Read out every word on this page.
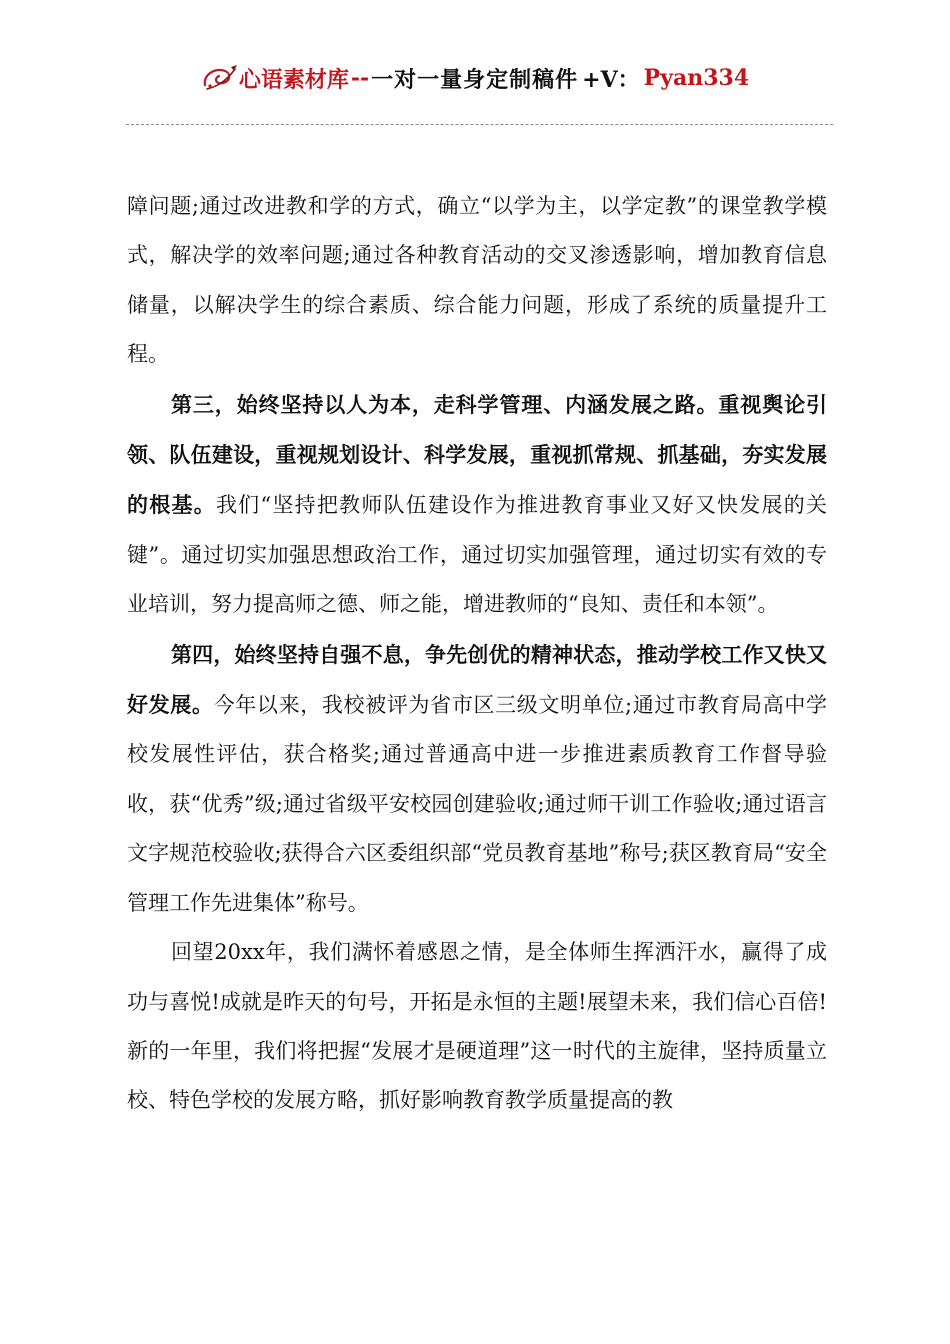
心语素材库 -- 一对一量身定制稿件 +V： Pyan334

障问题;通过改进教和学的方式，确立“以学为主，以学定教”的课堂教学模式，解决学的效率问题;通过各种教育活动的交叉渗透影响，增加教育信息储量，以解决学生的综合素质、综合能力问题，形成了系统的质量提升工程。

第三，始终坚持以人为本，走科学管理、内涵发展之路。重视舆论引领、队伍建设，重视规划设计、科学发展，重视抓常规、抓基础，夯实发展的根基。我们“坚持把教师队伍建设作为推进教育事业又好又快发展的关键”。通过切实加强思想政治工作，通过切实加强管理，通过切实有效的专业培训，努力提高师之德、师之能，增进教师的“良知、责任和本领”。

第四，始终坚持自强不息，争先创优的精神状态，推动学校工作又快又好发展。今年以来，我校被评为省市区三级文明单位;通过市教育局高中学校发展性评估，获合格奖;通过普通高中进一步推进素质教育工作督导验收，获“优秀”级;通过省级平安校园创建验收;通过师干训工作验收;通过语言文字规范校验收;获得合六区委组织部“党员教育基地”称号;获区教育局“安全管理工作先进集体”称号。

回望20xx年，我们满怀着感恩之情，是全体师生挥洒汗水，赢得了成功与喜悦!成就是昨天的句号，开拓是永恒的主题!展望未来，我们信心百倍!新的一年里，我们将把握“发展才是硬道理”这一时代的主旋律，坚持质量立校、特色学校的发展方略，抓好影响教育教学质量提高的教
